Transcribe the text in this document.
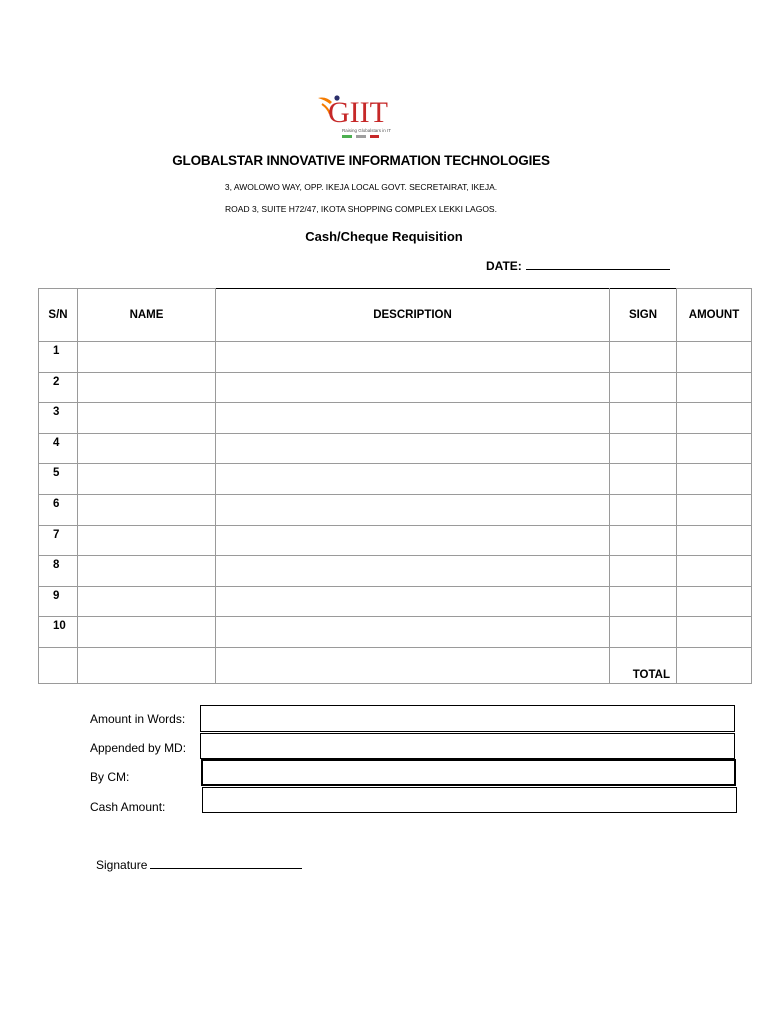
GIIT
Raising Globalstars in IT
GLOBALSTAR INNOVATIVE INFORMATION TECHNOLOGIES
3, AWOLOWO WAY, OPP. IKEJA LOCAL GOVT. SECRETAIRAT, IKEJA.
ROAD 3, SUITE H72/47, IKOTA SHOPPING COMPLEX LEKKI LAGOS.
Cash/Cheque Requisition
DATE:
S/N	NAME	DESCRIPTION	SIGN	AMOUNT
1				
2				
3				
4				
5				
6				
7				
8				
9				
10				
			TOTAL	
Amount in Words:
Appended by MD:
By CM:
Cash Amount:
Signature
